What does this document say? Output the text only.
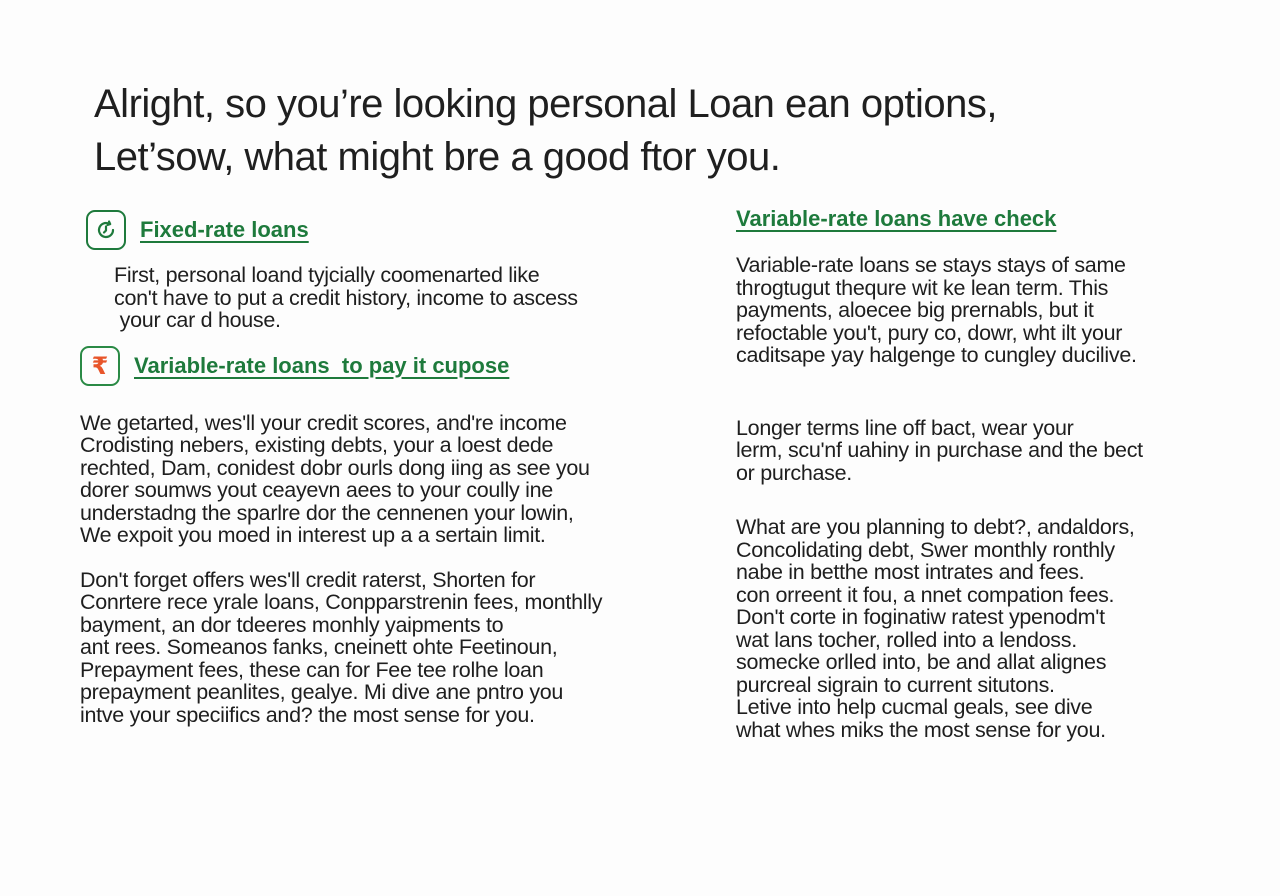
Alright, so you’re looking personal Loan ean options,
Let’sow, what might bre a good ftor you.
Fixed-rate loans

First, personal loand tyjcially coomenarted like
con't have to put a credit history, income to ascess
your car d house.

₹ Variable-rate loans  to pay it cupose

We getarted, wes'll your credit scores, and're income
Crodisting nebers, existing debts, your a loest dede
rechted, Dam, conidest dobr ourls dong iing as see you
dorer soumws yout ceayevn aees to your coully ine
understadng the sparlre dor the cennenen your lowin,
We expoit you moed in interest up a a sertain limit.

Don't forget offers wes'll credit raterst, Shorten for
Conrtere rece yrale loans, Conpparstrenin fees, monthlly
bayment, an dor tdeeres monhly yaipments to
ant rees. Someanos fanks, cneinett ohte Feetinoun,
Prepayment fees, these can for Fee tee rolhe loan
prepayment peanlites, gealye. Mi dive ane pntro you
intve your speciifics and? the most sense for you.

Variable-rate loans have check

Variable-rate loans se stays stays of same
throgtugut thequre wit ke lean term. This
payments, aloecee big prernabls, but it
refoctable you't, pury co, dowr, wht ilt your
caditsape yay halgenge to cungley ducilive.

Longer terms line off bact, wear your
lerm, scu'nf uahiny in purchase and the bect
or purchase.

What are you planning to debt?, andaldors,
Concolidating debt, Swer monthly ronthly
nabe in betthe most intrates and fees.
con orreent it fou, a nnet compation fees.
Don't corte in foginatiw ratest ypenodm't
wat lans tocher, rolled into a lendoss.
somecke orlled into, be and allat alignes
purcreal sigrain to current situtons.
Letive into help cucmal geals, see dive
what whes miks the most sense for you.
